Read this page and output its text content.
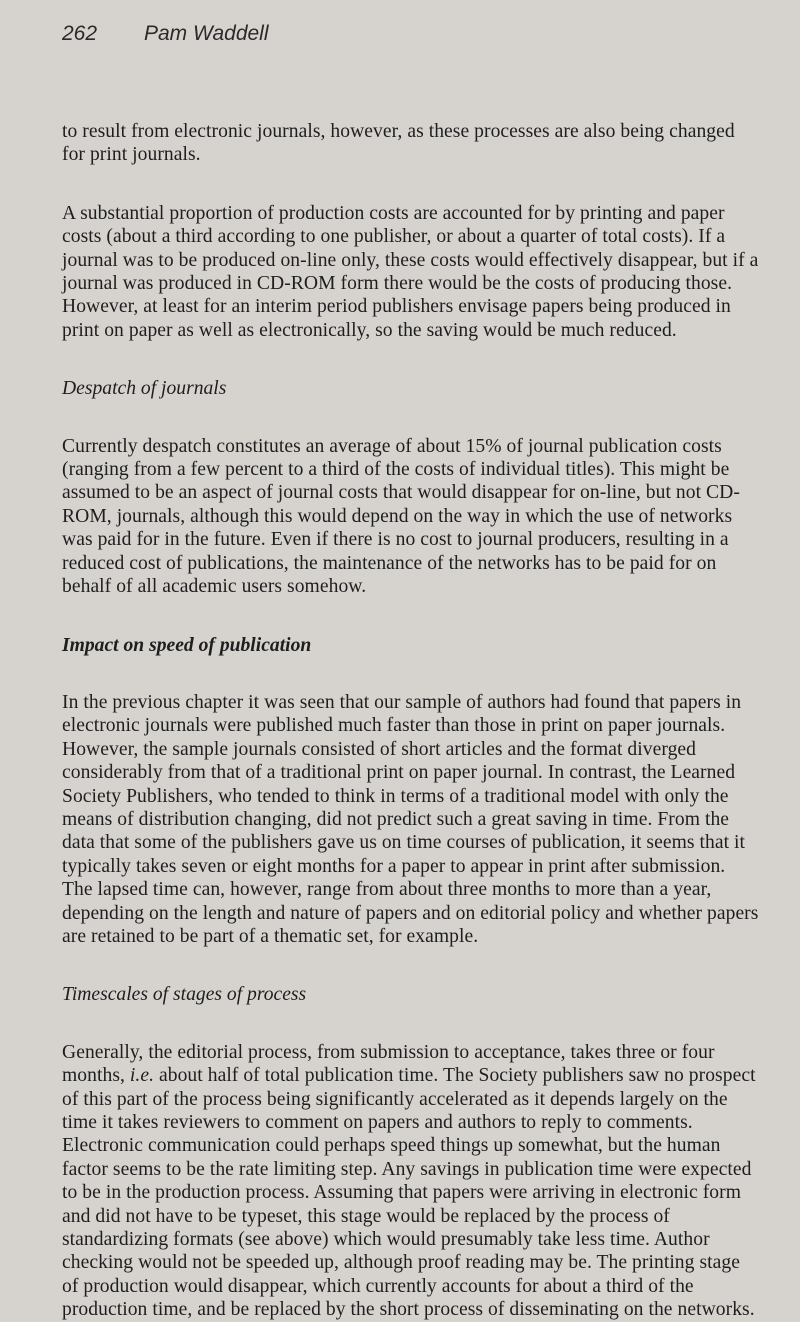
262	Pam Waddell

to result from electronic journals, however, as these processes are also being changed for print journals.

A substantial proportion of production costs are accounted for by printing and paper costs (about a third according to one publisher, or about a quarter of total costs). If a journal was to be produced on-line only, these costs would effectively disappear, but if a journal was produced in CD-ROM form there would be the costs of producing those. However, at least for an interim period publishers envisage papers being produced in print on paper as well as electronically, so the saving would be much reduced.

Despatch of journals

Currently despatch constitutes an average of about 15% of journal publication costs (ranging from a few percent to a third of the costs of individual titles). This might be assumed to be an aspect of journal costs that would disappear for on-line, but not CD-ROM, journals, although this would depend on the way in which the use of networks was paid for in the future. Even if there is no cost to journal producers, resulting in a reduced cost of publications, the maintenance of the networks has to be paid for on behalf of all academic users somehow.

Impact on speed of publication

In the previous chapter it was seen that our sample of authors had found that papers in electronic journals were published much faster than those in print on paper journals. However, the sample journals consisted of short articles and the format diverged considerably from that of a traditional print on paper journal. In contrast, the Learned Society Publishers, who tended to think in terms of a traditional model with only the means of distribution changing, did not predict such a great saving in time. From the data that some of the publishers gave us on time courses of publication, it seems that it typically takes seven or eight months for a paper to appear in print after submission. The lapsed time can, however, range from about three months to more than a year, depending on the length and nature of papers and on editorial policy and whether papers are retained to be part of a thematic set, for example.

Timescales of stages of process

Generally, the editorial process, from submission to acceptance, takes three or four months, i.e. about half of total publication time. The Society publishers saw no prospect of this part of the process being significantly accelerated as it depends largely on the time it takes reviewers to comment on papers and authors to reply to comments. Electronic communication could perhaps speed things up somewhat, but the human factor seems to be the rate limiting step. Any savings in publication time were expected to be in the production process. Assuming that papers were arriving in electronic form and did not have to be typeset, this stage would be replaced by the process of standardizing formats (see above) which would presumably take less time. Author checking would not be speeded up, although proof reading may be. The printing stage of production would disappear, which currently accounts for about a third of the production time, and be replaced by the short process of disseminating on the networks.
